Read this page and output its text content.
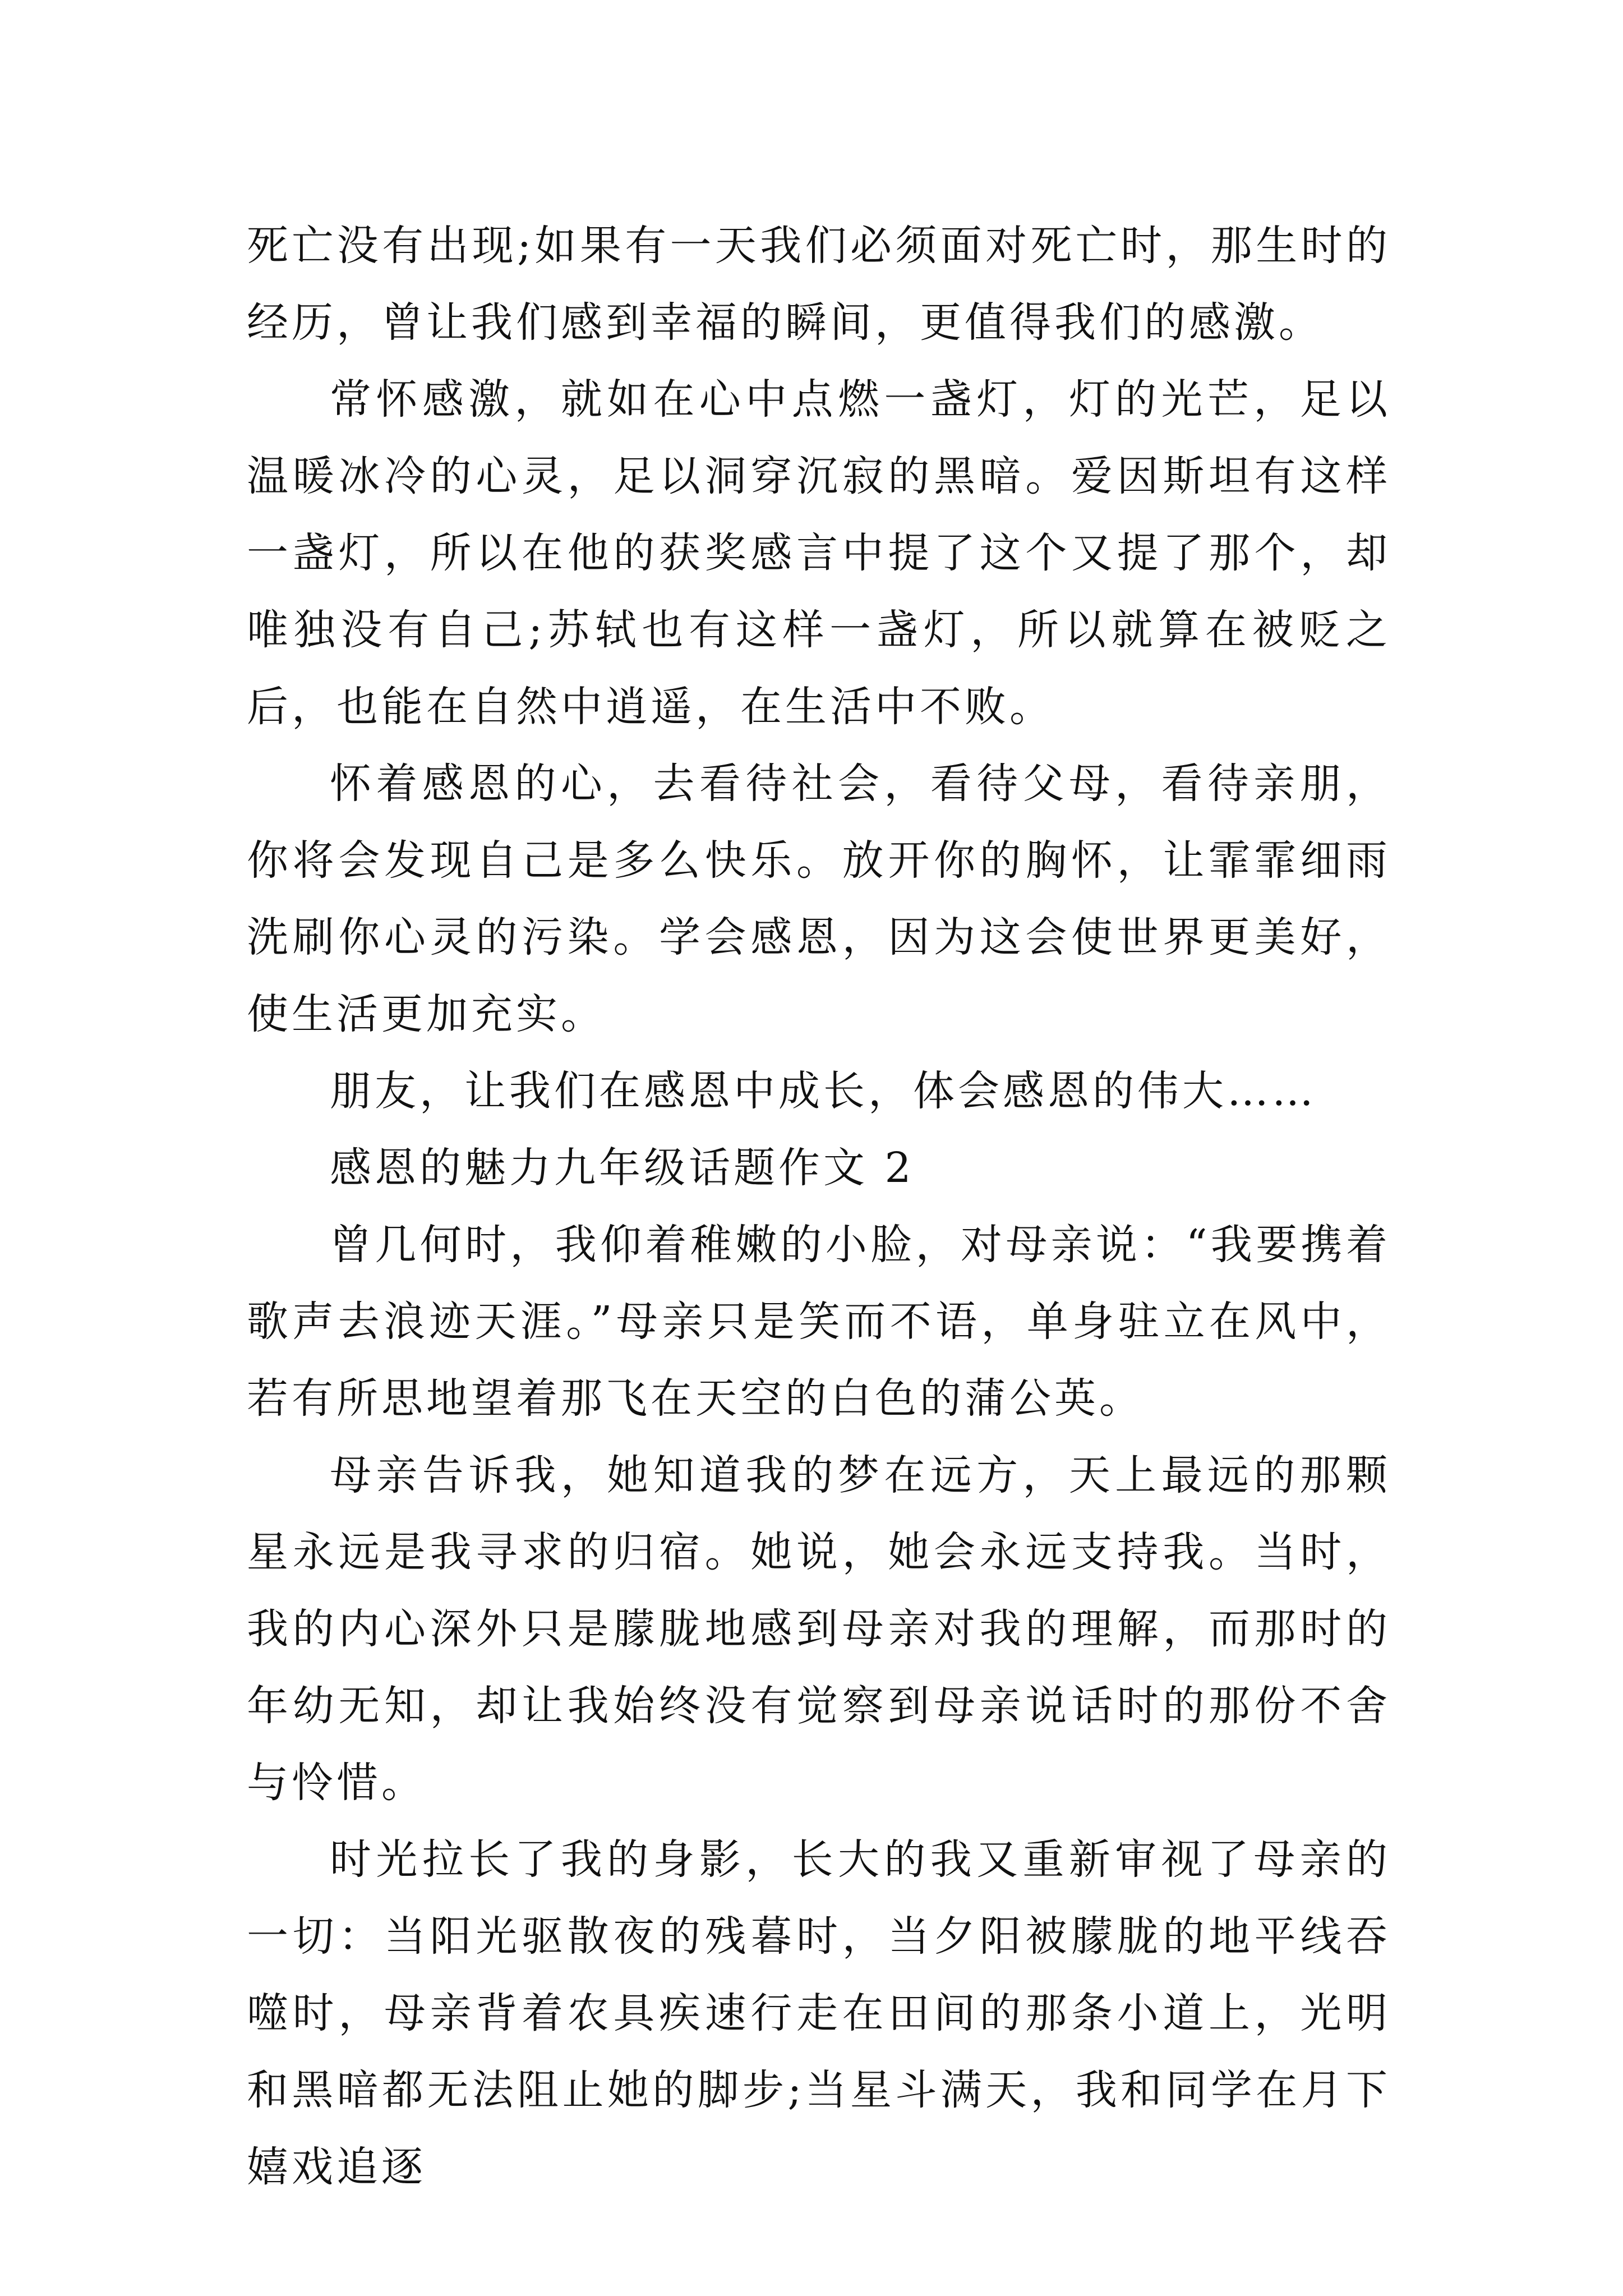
死亡没有出现;如果有一天我们必须面对死亡时，那生时的经历，曾让我们感到幸福的瞬间，更值得我们的感激。

常怀感激，就如在心中点燃一盏灯，灯的光芒，足以温暖冰冷的心灵，足以洞穿沉寂的黑暗。爱因斯坦有这样一盏灯，所以在他的获奖感言中提了这个又提了那个，却唯独没有自己;苏轼也有这样一盏灯，所以就算在被贬之后，也能在自然中逍遥，在生活中不败。

怀着感恩的心，去看待社会，看待父母，看待亲朋，你将会发现自己是多么快乐。放开你的胸怀，让霏霏细雨洗刷你心灵的污染。学会感恩，因为这会使世界更美好，使生活更加充实。

朋友，让我们在感恩中成长，体会感恩的伟大……

感恩的魅力九年级话题作文 2

曾几何时，我仰着稚嫩的小脸，对母亲说：“我要携着歌声去浪迹天涯。”母亲只是笑而不语，单身驻立在风中，若有所思地望着那飞在天空的白色的蒲公英。

母亲告诉我，她知道我的梦在远方，天上最远的那颗星永远是我寻求的归宿。她说，她会永远支持我。当时，我的内心深外只是朦胧地感到母亲对我的理解，而那时的年幼无知，却让我始终没有觉察到母亲说话时的那份不舍与怜惜。

时光拉长了我的身影，长大的我又重新审视了母亲的一切：当阳光驱散夜的残暮时，当夕阳被朦胧的地平线吞噬时，母亲背着农具疾速行走在田间的那条小道上，光明和黑暗都无法阻止她的脚步;当星斗满天，我和同学在月下嬉戏追逐
